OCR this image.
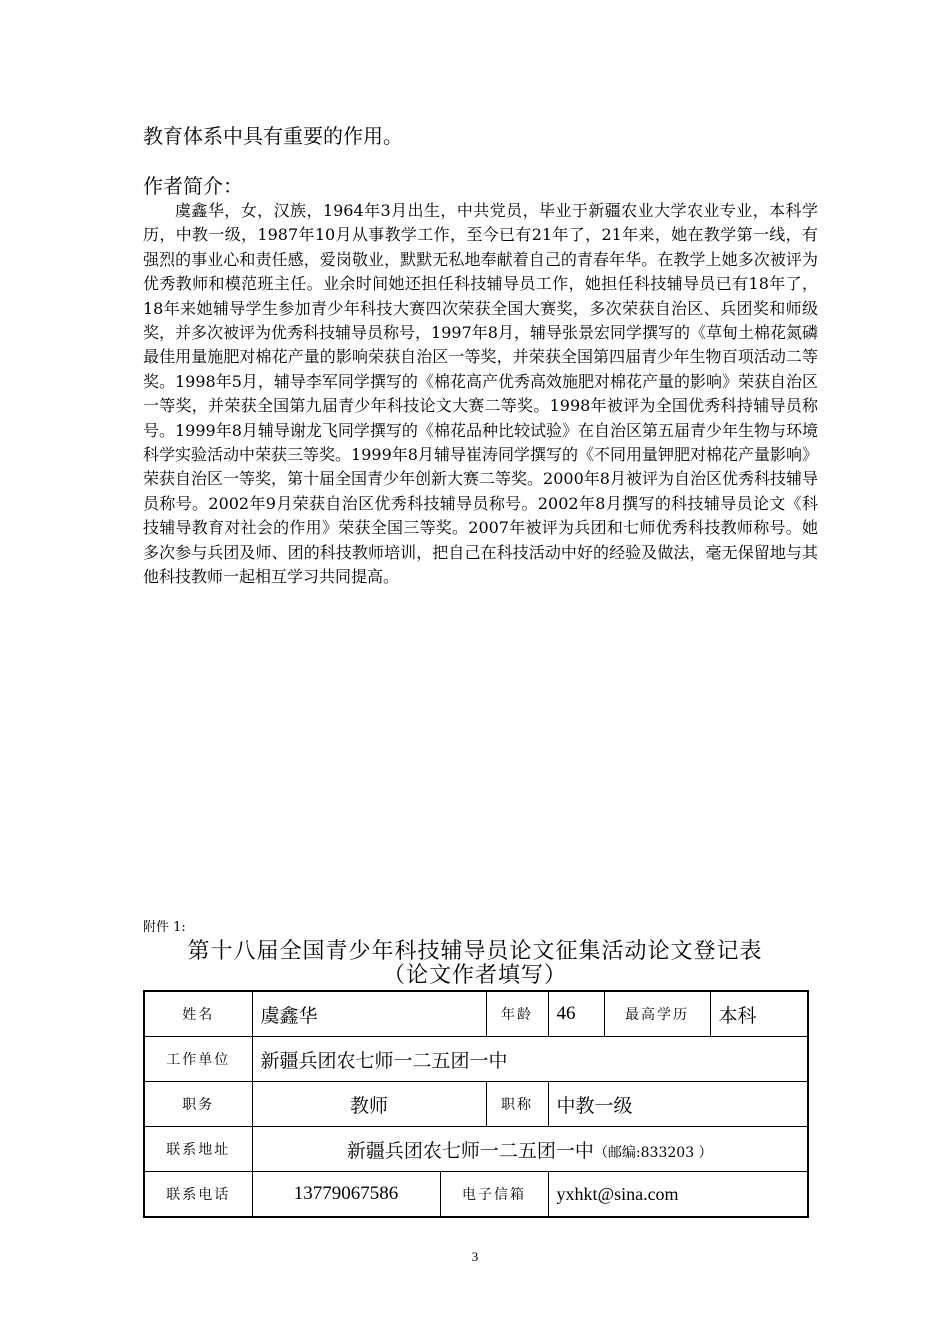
教育体系中具有重要的作用。
作者简介：
虞鑫华，女，汉族，1964年3月出生，中共党员，毕业于新疆农业大学农业专业，本科学历，中教一级，1987年10月从事教学工作，至今已有21年了，21年来，她在教学第一线，有强烈的事业心和责任感，爱岗敬业，默默无私地奉献着自己的青春年华。在教学上她多次被评为优秀教师和模范班主任。业余时间她还担任科技辅导员工作，她担任科技辅导员已有18年了，18年来她辅导学生参加青少年科技大赛四次荣获全国大赛奖，多次荣获自治区、兵团奖和师级奖，并多次被评为优秀科技辅导员称号，1997年8月，辅导张景宏同学撰写的《草甸土棉花氮磷最佳用量施肥对棉花产量的影响荣获自治区一等奖，并荣获全国第四届青少年生物百项活动二等奖。1998年5月，辅导李军同学撰写的《棉花高产优秀高效施肥对棉花产量的影响》荣获自治区一等奖，并荣获全国第九届青少年科技论文大赛二等奖。1998年被评为全国优秀科持辅导员称号。1999年8月辅导谢龙飞同学撰写的《棉花品种比较试验》在自治区第五届青少年生物与环境科学实验活动中荣获三等奖。1999年8月辅导崔涛同学撰写的《不同用量钾肥对棉花产量影响》荣获自治区一等奖，第十届全国青少年创新大赛二等奖。2000年8月被评为自治区优秀科技辅导员称号。2002年9月荣获自治区优秀科技辅导员称号。2002年8月撰写的科技辅导员论文《科技辅导教育对社会的作用》荣获全国三等奖。2007年被评为兵团和七师优秀科技教师称号。她多次参与兵团及师、团的科技教师培训，把自己在科技活动中好的经验及做法，毫无保留地与其他科技教师一起相互学习共同提高。
附件 1:
第十八届全国青少年科技辅导员论文征集活动论文登记表
（论文作者填写）
姓名	虞鑫华		年龄	46	最高学历	本科
工作单位	新疆兵团农七师一二五团一中					
职务	教师		职称	中教一级		
联系地址	新疆兵团农七师一二五团一中（邮编:833203 ）					
联系电话	13779067586	电子信箱		yxhkt@sina.com		
3
